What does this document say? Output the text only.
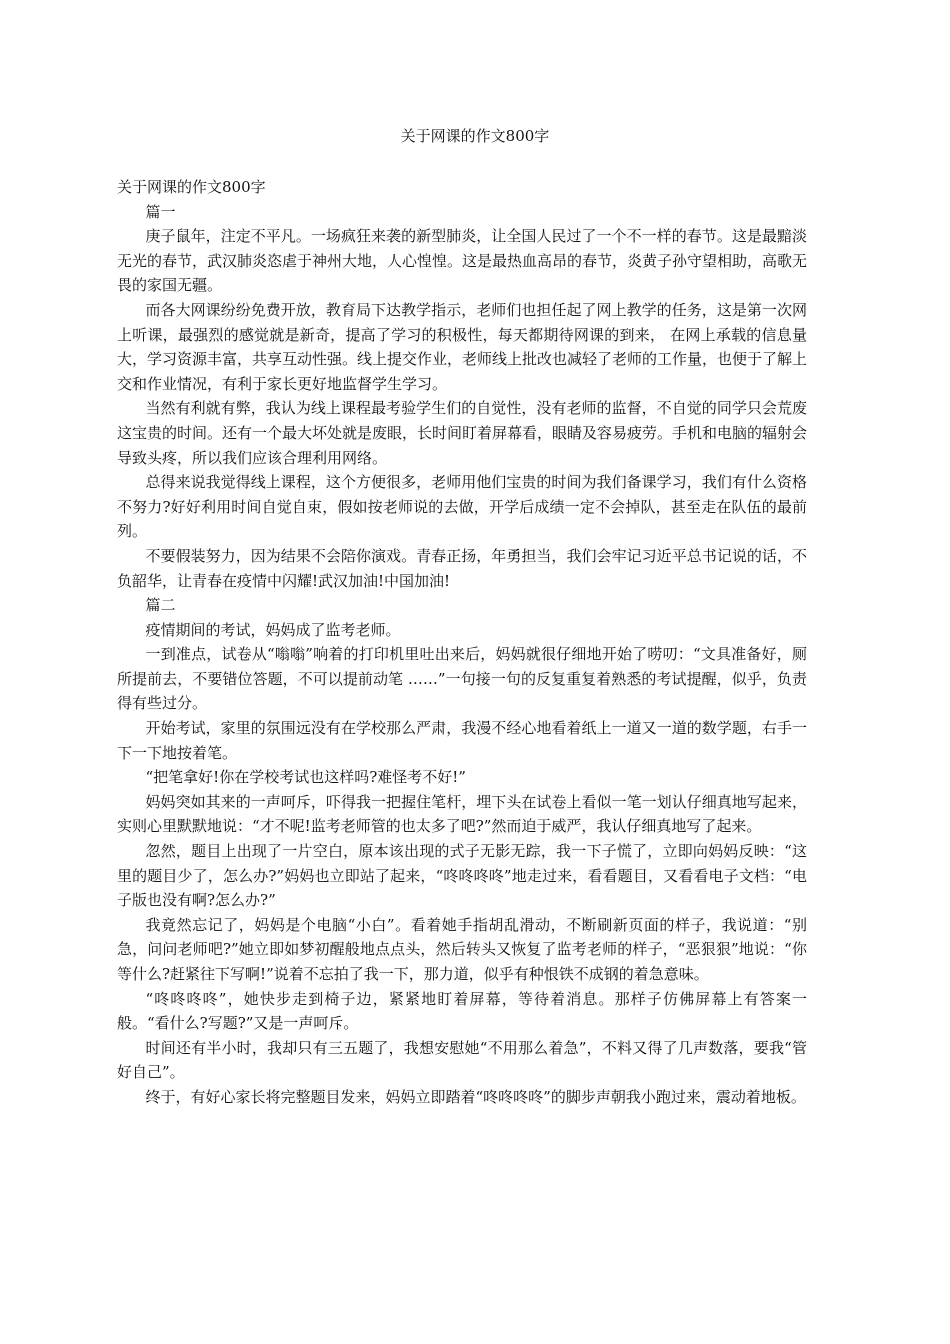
关于网课的作文800字

关于网课的作文800字

篇一

庚子鼠年，注定不平凡。一场疯狂来袭的新型肺炎，让全国人民过了一个不一样的春节。这是最黯淡无光的春节，武汉肺炎恣虐于神州大地，人心惶惶。这是最热血高昂的春节，炎黄子孙守望相助，高歌无畏的家国无疆。

而各大网课纷纷免费开放，教育局下达教学指示，老师们也担任起了网上教学的任务，这是第一次网上听课，最强烈的感觉就是新奇，提高了学习的积极性，每天都期待网课的到来， 在网上承载的信息量大，学习资源丰富，共享互动性强。线上提交作业，老师线上批改也减轻了老师的工作量，也便于了解上交和作业情况，有利于家长更好地监督学生学习。

当然有利就有弊，我认为线上课程最考验学生们的自觉性，没有老师的监督，不自觉的同学只会荒废这宝贵的时间。还有一个最大坏处就是废眼，长时间盯着屏幕看，眼睛及容易疲劳。手机和电脑的辐射会导致头疼，所以我们应该合理利用网络。

总得来说我觉得线上课程，这个方便很多，老师用他们宝贵的时间为我们备课学习，我们有什么资格不努力?好好利用时间自觉自束，假如按老师说的去做，开学后成绩一定不会掉队，甚至走在队伍的最前列。

不要假装努力，因为结果不会陪你演戏。青春正扬，年勇担当，我们会牢记习近平总书记说的话，不负韶华，让青春在疫情中闪耀!武汉加油!中国加油!

篇二

疫情期间的考试，妈妈成了监考老师。

一到准点，试卷从“嗡嗡”响着的打印机里吐出来后，妈妈就很仔细地开始了唠叨：“文具准备好，厕所提前去，不要错位答题，不可以提前动笔 ……”一句接一句的反复重复着熟悉的考试提醒，似乎，负责得有些过分。

开始考试，家里的氛围远没有在学校那么严肃，我漫不经心地看着纸上一道又一道的数学题，右手一下一下地按着笔。

“把笔拿好!你在学校考试也这样吗?难怪考不好!”

妈妈突如其来的一声呵斥，吓得我一把握住笔杆，埋下头在试卷上看似一笔一划认仔细真地写起来，实则心里默默地说：“才不呢!监考老师管的也太多了吧?”然而迫于威严，我认仔细真地写了起来。

忽然，题目上出现了一片空白，原本该出现的式子无影无踪，我一下子慌了，立即向妈妈反映：“这里的题目少了，怎么办?”妈妈也立即站了起来，“咚咚咚咚”地走过来，看看题目，又看看电子文档：“电子版也没有啊?怎么办?”

我竟然忘记了，妈妈是个电脑“小白”。看着她手指胡乱滑动，不断刷新页面的样子，我说道：“别急，问问老师吧?”她立即如梦初醒般地点点头，然后转头又恢复了监考老师的样子，“恶狠狠”地说：“你等什么?赶紧往下写啊!”说着不忘拍了我一下，那力道，似乎有种恨铁不成钢的着急意味。

“咚咚咚咚”，她快步走到椅子边，紧紧地盯着屏幕，等待着消息。那样子仿佛屏幕上有答案一般。“看什么?写题?”又是一声呵斥。

时间还有半小时，我却只有三五题了，我想安慰她“不用那么着急”，不料又得了几声数落，要我“管好自己”。

终于，有好心家长将完整题目发来，妈妈立即踏着“咚咚咚咚”的脚步声朝我小跑过来，震动着地板。
